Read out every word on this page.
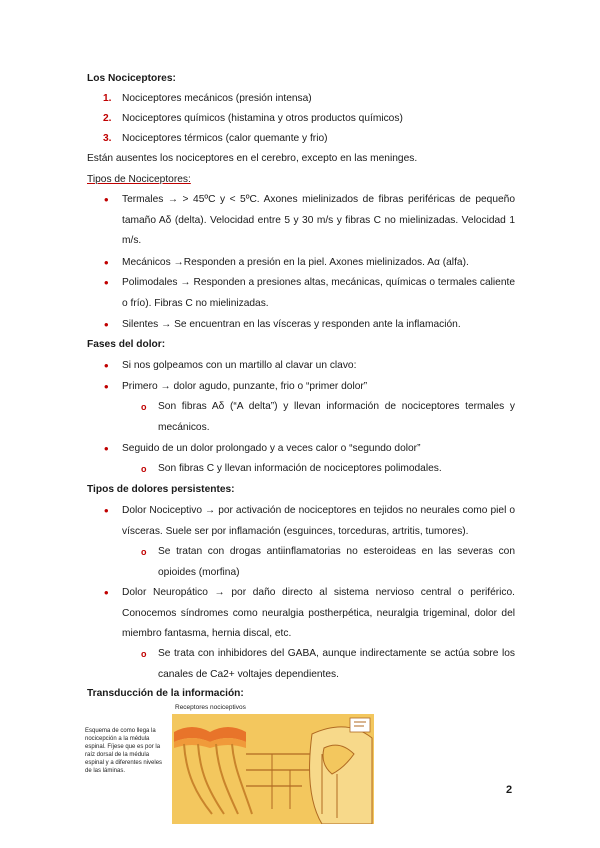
Los Nociceptores:
1. Nociceptores mecánicos (presión intensa)
2. Nociceptores químicos (histamina y otros productos químicos)
3. Nociceptores térmicos (calor quemante y frio)
Están ausentes los nociceptores en el cerebro, excepto en las meninges.
Tipos de Nociceptores:
• Termales → > 45ºC y < 5ºC. Axones mielinizados de fibras periféricas de pequeño tamaño Aδ (delta). Velocidad entre 5 y 30 m/s y fibras C no mielinizadas. Velocidad 1 m/s.
• Mecánicos →Responden a presión en la piel. Axones mielinizados. Aα (alfa).
• Polimodales → Responden a presiones altas, mecánicas, químicas o termales caliente o frío). Fibras C no mielinizadas.
• Silentes → Se encuentran en las vísceras y responden ante la inflamación.
Fases del dolor:
• Si nos golpeamos con un martillo al clavar un clavo:
• Primero → dolor agudo, punzante, frio o “primer dolor”
o Son fibras Aδ (“A delta”) y llevan información de nociceptores termales y mecánicos.
• Seguido de un dolor prolongado y a veces calor o “segundo dolor”
o Son fibras C y llevan información de nociceptores polimodales.
Tipos de dolores persistentes:
• Dolor Nociceptivo → por activación de nociceptores en tejidos no neurales como piel o vísceras. Suele ser por inflamación (esguinces, torceduras, artritis, tumores).
o Se tratan con drogas antiinflamatorias no esteroideas en las severas con opioides (morfina)
• Dolor Neuropático → por daño directo al sistema nervioso central o periférico. Conocemos síndromes como neuralgia postherpética, neuralgia trigeminal, dolor del miembro fantasma, hernia discal, etc.
o Se trata con inhibidores del GABA, aunque indirectamente se actúa sobre los canales de Ca2+ voltajes dependientes.
Transducción de la información:
Esquema de como llega la nocicepción a la médula espinal. Fíjese que es por la raíz dorsal de la médula espinal y a diferentes niveles de las láminas.
Receptores nociceptivos
2
